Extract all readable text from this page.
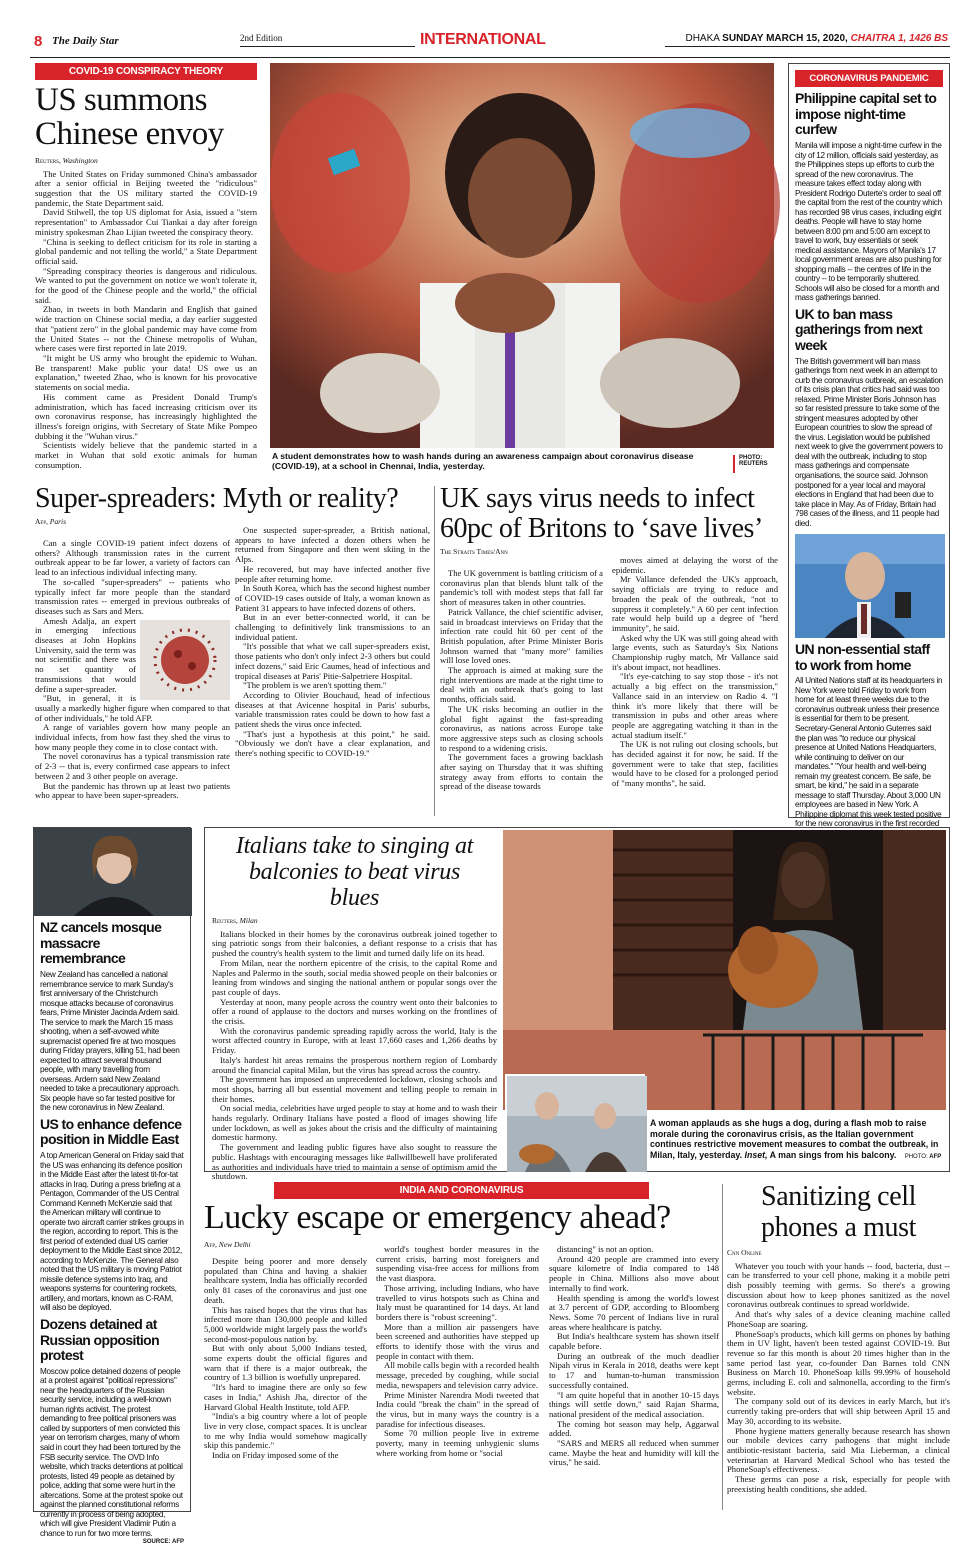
8 The Daily Star	2nd Edition	INTERNATIONAL	DHAKA SUNDAY MARCH 15, 2020, CHAITRA 1, 1426 BS
COVID-19 CONSPIRACY THEORY
US summons Chinese envoy
Reuters, Washington

The United States on Friday summoned China's ambassador after a senior official in Beijing tweeted the "ridiculous" suggestion that the US military started the COVID-19 pandemic, the State Department said.

David Stilwell, the top US diplomat for Asia, issued a "stern representation" to Ambassador Cui Tiankai a day after foreign ministry spokesman Zhao Lijian tweeted the conspiracy theory.

"China is seeking to deflect criticism for its role in starting a global pandemic and not telling the world," a State Department official said.

"Spreading conspiracy theories is dangerous and ridiculous. We wanted to put the government on notice we won't tolerate it, for the good of the Chinese people and the world," the official said.

Zhao, in tweets in both Mandarin and English that gained wide traction on Chinese social media, a day earlier suggested that "patient zero" in the global pandemic may have come from the United States -- not the Chinese metropolis of Wuhan, where cases were first reported in late 2019.

"It might be US army who brought the epidemic to Wuhan. Be transparent! Make public your data! US owe us an explanation," tweeted Zhao, who is known for his provocative statements on social media.

His comment came as President Donald Trump's administration, which has faced increasing criticism over its own coronavirus response, has increasingly highlighted the illness's foreign origins, with Secretary of State Mike Pompeo dubbing it the "Wuhan virus."

Scientists widely believe that the pandemic started in a market in Wuhan that sold exotic animals for human consumption.

A student demonstrates how to wash hands during an awareness campaign about coronavirus disease (COVID-19), at a school in Chennai, India, yesterday.
PHOTO:
REUTERS
CORONAVIRUS PANDEMIC
Philippine capital set to impose night-time curfew
Manila will impose a night-time curfew in the city of 12 million, officials said yesterday, as the Philippines steps up efforts to curb the spread of the new coronavirus. The measure takes effect today along with President Rodrigo Duterte's order to seal off the capital from the rest of the country which has recorded 98 virus cases, including eight deaths. People will have to stay home between 8:00 pm and 5:00 am except to travel to work, buy essentials or seek medical assistance. Mayors of Manila's 17 local government areas are also pushing for shopping malls -- the centres of life in the country -- to be temporarily shuttered. Schools will also be closed for a month and mass gatherings banned.
UK to ban mass gatherings from next week
The British government will ban mass gatherings from next week in an attempt to curb the coronavirus outbreak, an escalation of its crisis plan that critics had said was too relaxed. Prime Minister Boris Johnson has so far resisted pressure to take some of the stringent measures adopted by other European countries to slow the spread of the virus. Legislation would be published next week to give the government powers to deal with the outbreak, including to stop mass gatherings and compensate organisations, the source said. Johnson postponed for a year local and mayoral elections in England that had been due to take place in May. As of Friday, Britain had 798 cases of the illness, and 11 people had died.
UN non-essential staff to work from home
All United Nations staff at its headquarters in New York were told Friday to work from home for at least three weeks due to the coronavirus outbreak unless their presence is essential for them to be present. Secretary-General Antonio Guterres said the plan was "to reduce our physical presence at United Nations Headquarters, while continuing to deliver on our mandates." "Your health and well-being remain my greatest concern. Be safe, be smart, be kind," he said in a separate message to staff Thursday. About 3,000 UN employees are based in New York. A Philippine diplomat this week tested positive for the new coronavirus in the first recorded
Super-spreaders: Myth or reality?
Afp, Paris

Can a single COVID-19 patient infect dozens of others? Although transmission rates in the current outbreak appear to be far lower, a variety of factors can lead to an infectious individual infecting many.

The so-called "super-spreaders" -- patients who typically infect far more people than the standard transmission rates -- emerged in previous outbreaks of diseases such as Sars and Mers.

Amesh Adalja, an expert in emerging infectious diseases at John Hopkins University, said the term was not scientific and there was no set quantity of transmissions that would define a super-spreader.

"But, in general, it is usually a markedly higher figure when compared to that of other individuals," he told AFP.

A range of variables govern how many people an individual infects, from how fast they shed the virus to how many people they come in to close contact with.

The novel coronavirus has a typical transmission rate of 2-3 -- that is, every confirmed case appears to infect between 2 and 3 other people on average.

But the pandemic has thrown up at least two patients who appear to have been super-spreaders.

One suspected super-spreader, a British national, appears to have infected a dozen others when he returned from Singapore and then went skiing in the Alps.

He recovered, but may have infected another five people after returning home.

In South Korea, which has the second highest number of COVID-19 cases outside of Italy, a woman known as Patient 31 appears to have infected dozens of others.

But in an ever better-connected world, it can be challenging to definitively link transmissions to an individual patient.

"It's possible that what we call super-spreaders exist, those patients who don't only infect 2-3 others but could infect dozens," said Eric Caumes, head of infectious and tropical diseases at Paris' Pitie-Salpetriere Hospital.

"The problem is we aren't spotting them."

According to Olivier Bouchaud, head of infectious diseases at that Avicenne hospital in Paris' suburbs, variable transmission rates could be down to how fast a patient sheds the virus once infected.

"That's just a hypothesis at this point," he said. "Obviously we don't have a clear explanation, and there's nothing specific to COVID-19."

UK says virus needs to infect 60pc of Britons to ‘save lives’
The Straits Times/Ann

The UK government is battling criticism of a coronavirus plan that blends blunt talk of the pandemic's toll with modest steps that fall far short of measures taken in other countries.

Patrick Vallance, the chief scientific adviser, said in broadcast interviews on Friday that the infection rate could hit 60 per cent of the British population, after Prime Minister Boris Johnson warned that "many more" families will lose loved ones.

The approach is aimed at making sure the right interventions are made at the right time to deal with an outbreak that's going to last months, officials said.

The UK risks becoming an outlier in the global fight against the fast-spreading coronavirus, as nations across Europe take more aggressive steps such as closing schools to respond to a widening crisis.

The government faces a growing backlash after saying on Thursday that it was shifting strategy away from efforts to contain the spread of the disease towards

moves aimed at delaying the worst of the epidemic.

Mr Vallance defended the UK's approach, saying officials are trying to reduce and broaden the peak of the outbreak, "not to suppress it completely." A 60 per cent infection rate would help build up a degree of "herd immunity", he said.

Asked why the UK was still going ahead with large events, such as Saturday's Six Nations Championship rugby match, Mr Vallance said it's about impact, not headlines.

"It's eye-catching to say stop those - it's not actually a big effect on the transmission," Vallance said in an interview on Radio 4. "I think it's more likely that there will be transmission in pubs and other areas where people are aggregating watching it than in the actual stadium itself."

The UK is not ruling out closing schools, but has decided against it for now, he said. If the government were to take that step, facilities would have to be closed for a prolonged period of "many months", he said.

NZ cancels mosque massacre remembrance
New Zealand has cancelled a national remembrance service to mark Sunday's first anniversary of the Christchurch mosque attacks because of coronavirus fears, Prime Minister Jacinda Ardern said. The service to mark the March 15 mass shooting, when a self-avowed white supremacist opened fire at two mosques during Friday prayers, killing 51, had been expected to attract several thousand people, with many travelling from overseas. Ardern said New Zealand needed to take a precautionary approach. Six people have so far tested positive for the new coronavirus in New Zealand.
US to enhance defence position in Middle East
A top American General on Friday said that the US was enhancing its defence position in the Middle East after the latest tit-for-tat attacks in Iraq. During a press briefing at a Pentagon, Commander of the US Central Command Kenneth McKenzie said that the American military will continue to operate two aircraft carrier strikes groups in the region, according to report. This is the first period of extended dual US carrier deployment to the Middle East since 2012, according to McKenzie. The General also noted that the US military is moving Patriot missile defence systems into Iraq, and weapons systems for countering rockets, artillery, and mortars, known as C-RAM, will also be deployed.
Dozens detained at Russian opposition protest
Moscow police detained dozens of people at a protest against "political repressions" near the headquarters of the Russian security service, including a well-known human rights activist. The protest demanding to free political prisoners was called by supporters of men convicted this year on terrorism charges, many of whom said in court they had been tortured by the FSB security service. The OVD Info website, which tracks detentions at political protests, listed 49 people as detained by police, adding that some were hurt in the altercations. Some at the protest spoke out against the planned constitutional reforms currently in process of being adopted, which will give President Vladimir Putin a chance to run for two more terms.
SOURCE: AFP
Italians take to singing at balconies to beat virus blues
Reuters, Milan

Italians blocked in their homes by the coronavirus outbreak joined together to sing patriotic songs from their balconies, a defiant response to a crisis that has pushed the country's health system to the limit and turned daily life on its head.

From Milan, near the northern epicentre of the crisis, to the capital Rome and Naples and Palermo in the south, social media showed people on their balconies or leaning from windows and singing the national anthem or popular songs over the past couple of days.

Yesterday at noon, many people across the country went onto their balconies to offer a round of applause to the doctors and nurses working on the frontlines of the crisis.

With the coronavirus pandemic spreading rapidly across the world, Italy is the worst affected country in Europe, with at least 17,660 cases and 1,266 deaths by Friday.

Italy's hardest hit areas remains the prosperous northern region of Lombardy around the financial capital Milan, but the virus has spread across the country.

The government has imposed an unprecedented lockdown, closing schools and most shops, barring all but essential movement and telling people to remain in their homes.

On social media, celebrities have urged people to stay at home and to wash their hands regularly. Ordinary Italians have posted a flood of images showing life under lockdown, as well as jokes about the crisis and the difficulty of maintaining domestic harmony.

The government and leading public figures have also sought to reassure the public. Hashtags with encouraging messages like #allwillbewell have proliferated as authorities and individuals have tried to maintain a sense of optimism amid the shutdown.

A woman applauds as she hugs a dog, during a flash mob to raise morale during the coronavirus crisis, as the Italian government continues restrictive movement measures to combat the outbreak, in Milan, Italy, yesterday. Inset, A man sings from his balcony. PHOTO: AFP
INDIA AND CORONAVIRUS
Lucky escape or emergency ahead?
Afp, New Delhi

Despite being poorer and more densely populated than China and having a shakier healthcare system, India has officially recorded only 81 cases of the coronavirus and just one death.

This has raised hopes that the virus that has infected more than 130,000 people and killed 5,000 worldwide might largely pass the world's second-most-populous nation by.

But with only about 5,000 Indians tested, some experts doubt the official figures and warn that if there is a major outbreak, the country of 1.3 billion is woefully unprepared.

"It's hard to imagine there are only so few cases in India," Ashish Jha, director of the Harvard Global Health Institute, told AFP.

"India's a big country where a lot of people live in very close, compact spaces. It is unclear to me why India would somehow magically skip this pandemic."

India on Friday imposed some of the

world's toughest border measures in the current crisis, barring most foreigners and suspending visa-free access for millions from the vast diaspora.

Those arriving, including Indians, who have travelled to virus hotspots such as China and Italy must be quarantined for 14 days. At land borders there is "robust screening".

More than a million air passengers have been screened and authorities have stepped up efforts to identify those with the virus and people in contact with them.

All mobile calls begin with a recorded health message, preceded by coughing, while social media, newspapers and television carry advice.

Prime Minister Narendra Modi tweeted that India could "break the chain" in the spread of the virus, but in many ways the country is a paradise for infectious diseases.

Some 70 million people live in extreme poverty, many in teeming unhygienic slums where working from home or "social

distancing" is not an option.

Around 420 people are crammed into every square kilometre of India compared to 148 people in China. Millions also move about internally to find work.

Health spending is among the world's lowest at 3.7 percent of GDP, according to Bloomberg News. Some 70 percent of Indians live in rural areas where healthcare is patchy.

But India's healthcare system has shown itself capable before.

During an outbreak of the much deadlier Nipah virus in Kerala in 2018, deaths were kept to 17 and human-to-human transmission successfully contained.

"I am quite hopeful that in another 10-15 days things will settle down," said Rajan Sharma, national president of the medical association.

The coming hot season may help, Aggarwal added.

"SARS and MERS all reduced when summer came. Maybe the heat and humidity will kill the virus," he said.

Sanitizing cell phones a must
Cnn Online

Whatever you touch with your hands -- food, bacteria, dust -- can be transferred to your cell phone, making it a mobile petri dish possibly teeming with germs. So there's a growing discussion about how to keep phones sanitized as the novel coronavirus outbreak continues to spread worldwide.

And that's why sales of a device cleaning machine called PhoneSoap are soaring.

PhoneSoap's products, which kill germs on phones by bathing them in UV light, haven't been tested against COVID-19. But revenue so far this month is about 20 times higher than in the same period last year, co-founder Dan Barnes told CNN Business on March 10. PhoneSoap kills 99.99% of household germs, including E. coli and salmonella, according to the firm's website.

The company sold out of its devices in early March, but it's currently taking pre-orders that will ship between April 15 and May 30, according to its website.

Phone hygiene matters generally because research has shown our mobile devices carry pathogens that might include antibiotic-resistant bacteria, said Mia Lieberman, a clinical veterinarian at Harvard Medical School who has tested the PhoneSoap's effectiveness.

These germs can pose a risk, especially for people with preexisting health conditions, she added.
